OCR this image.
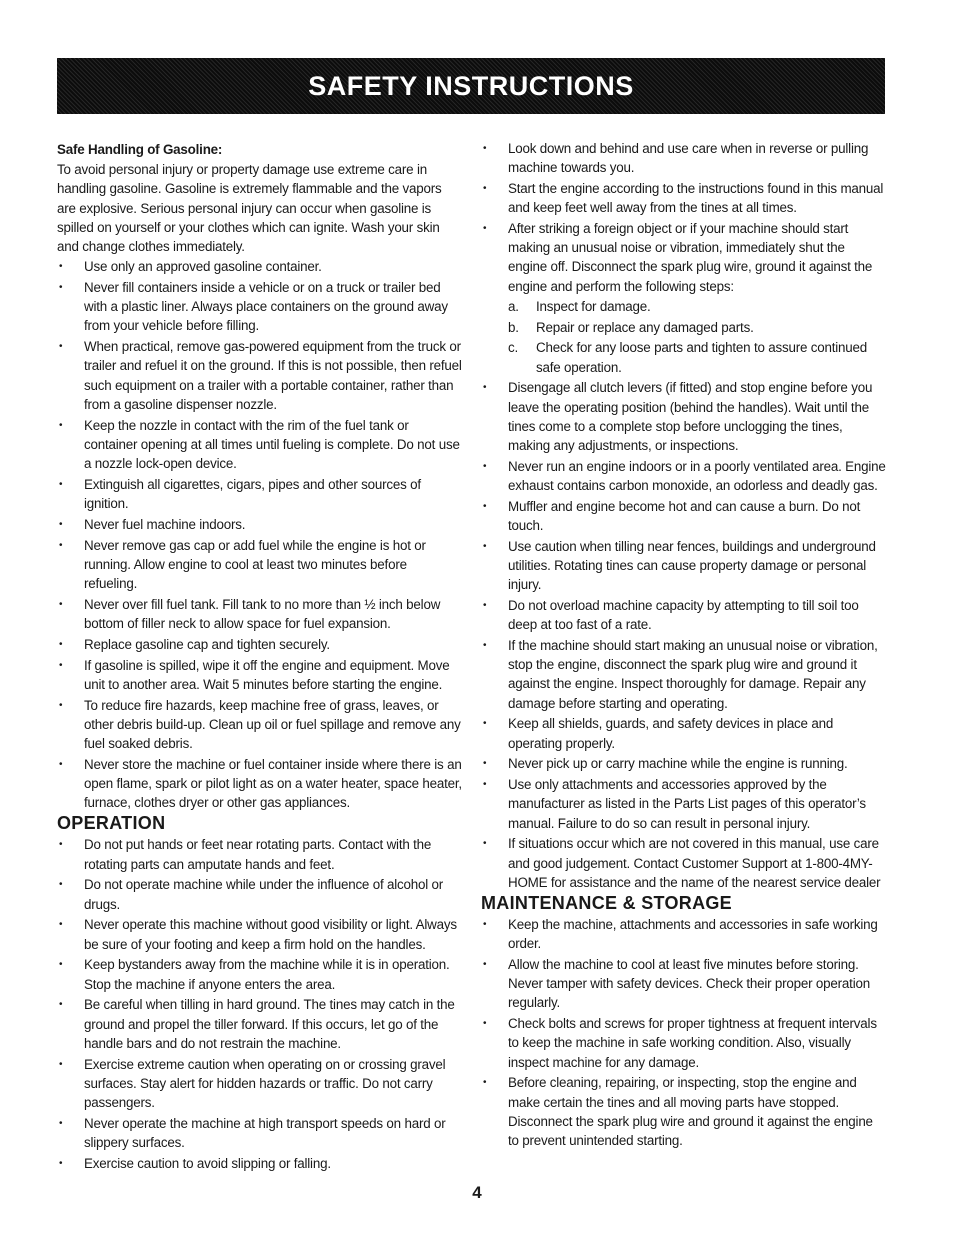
SAFETY INSTRUCTIONS
Safe Handling of Gasoline:
To avoid personal injury or property damage use extreme care in handling gasoline. Gasoline is extremely flammable and the vapors are explosive. Serious personal injury can occur when gasoline is spilled on yourself or your clothes which can ignite. Wash your skin and change clothes immediately.
• Use only an approved gasoline container.
• Never fill containers inside a vehicle or on a truck or trailer bed with a plastic liner. Always place containers on the ground away from your vehicle before filling.
• When practical, remove gas-powered equipment from the truck or trailer and refuel it on the ground. If this is not possible, then refuel such equipment on a trailer with a portable container, rather than from a gasoline dispenser nozzle.
• Keep the nozzle in contact with the rim of the fuel tank or container opening at all times until fueling is complete. Do not use a nozzle lock-open device.
• Extinguish all cigarettes, cigars, pipes and other sources of ignition.
• Never fuel machine indoors.
• Never remove gas cap or add fuel while the engine is hot or running. Allow engine to cool at least two minutes before refueling.
• Never over fill fuel tank. Fill tank to no more than ½ inch below bottom of filler neck to allow space for fuel expansion.
• Replace gasoline cap and tighten securely.
• If gasoline is spilled, wipe it off the engine and equipment. Move unit to another area. Wait 5 minutes before starting the engine.
• To reduce fire hazards, keep machine free of grass, leaves, or other debris build-up. Clean up oil or fuel spillage and remove any fuel soaked debris.
• Never store the machine or fuel container inside where there is an open flame, spark or pilot light as on a water heater, space heater, furnace, clothes dryer or other gas appliances.
OPERATION
• Do not put hands or feet near rotating parts. Contact with the rotating parts can amputate hands and feet.
• Do not operate machine while under the influence of alcohol or drugs.
• Never operate this machine without good visibility or light. Always be sure of your footing and keep a firm hold on the handles.
• Keep bystanders away from the machine while it is in operation. Stop the machine if anyone enters the area.
• Be careful when tilling in hard ground. The tines may catch in the ground and propel the tiller forward. If this occurs, let go of the handle bars and do not restrain the machine.
• Exercise extreme caution when operating on or crossing gravel surfaces. Stay alert for hidden hazards or traffic. Do not carry passengers.
• Never operate the machine at high transport speeds on hard or slippery surfaces.
• Exercise caution to avoid slipping or falling.
• Look down and behind and use care when in reverse or pulling machine towards you.
• Start the engine according to the instructions found in this manual and keep feet well away from the tines at all times.
• After striking a foreign object or if your machine should start making an unusual noise or vibration, immediately shut the engine off. Disconnect the spark plug wire, ground it against the engine and perform the following steps:
a. Inspect for damage.
b. Repair or replace any damaged parts.
c. Check for any loose parts and tighten to assure continued safe operation.
• Disengage all clutch levers (if fitted) and stop engine before you leave the operating position (behind the handles). Wait until the tines come to a complete stop before unclogging the tines, making any adjustments, or inspections.
• Never run an engine indoors or in a poorly ventilated area. Engine exhaust contains carbon monoxide, an odorless and deadly gas.
• Muffler and engine become hot and can cause a burn. Do not touch.
• Use caution when tilling near fences, buildings and underground utilities. Rotating tines can cause property damage or personal injury.
• Do not overload machine capacity by attempting to till soil too deep at too fast of a rate.
• If the machine should start making an unusual noise or vibration, stop the engine, disconnect the spark plug wire and ground it against the engine. Inspect thoroughly for damage. Repair any damage before starting and operating.
• Keep all shields, guards, and safety devices in place and operating properly.
• Never pick up or carry machine while the engine is running.
• Use only attachments and accessories approved by the manufacturer as listed in the Parts List pages of this operator’s manual. Failure to do so can result in personal injury.
• If situations occur which are not covered in this manual, use care and good judgement. Contact Customer Support at 1-800-4MY-HOME for assistance and the name of the nearest service dealer
MAINTENANCE & STORAGE
• Keep the machine, attachments and accessories in safe working order.
• Allow the machine to cool at least five minutes before storing. Never tamper with safety devices. Check their proper operation regularly.
• Check bolts and screws for proper tightness at frequent intervals to keep the machine in safe working condition. Also, visually inspect machine for any damage.
• Before cleaning, repairing, or inspecting, stop the engine and make certain the tines and all moving parts have stopped. Disconnect the spark plug wire and ground it against the engine to prevent unintended starting.
4
